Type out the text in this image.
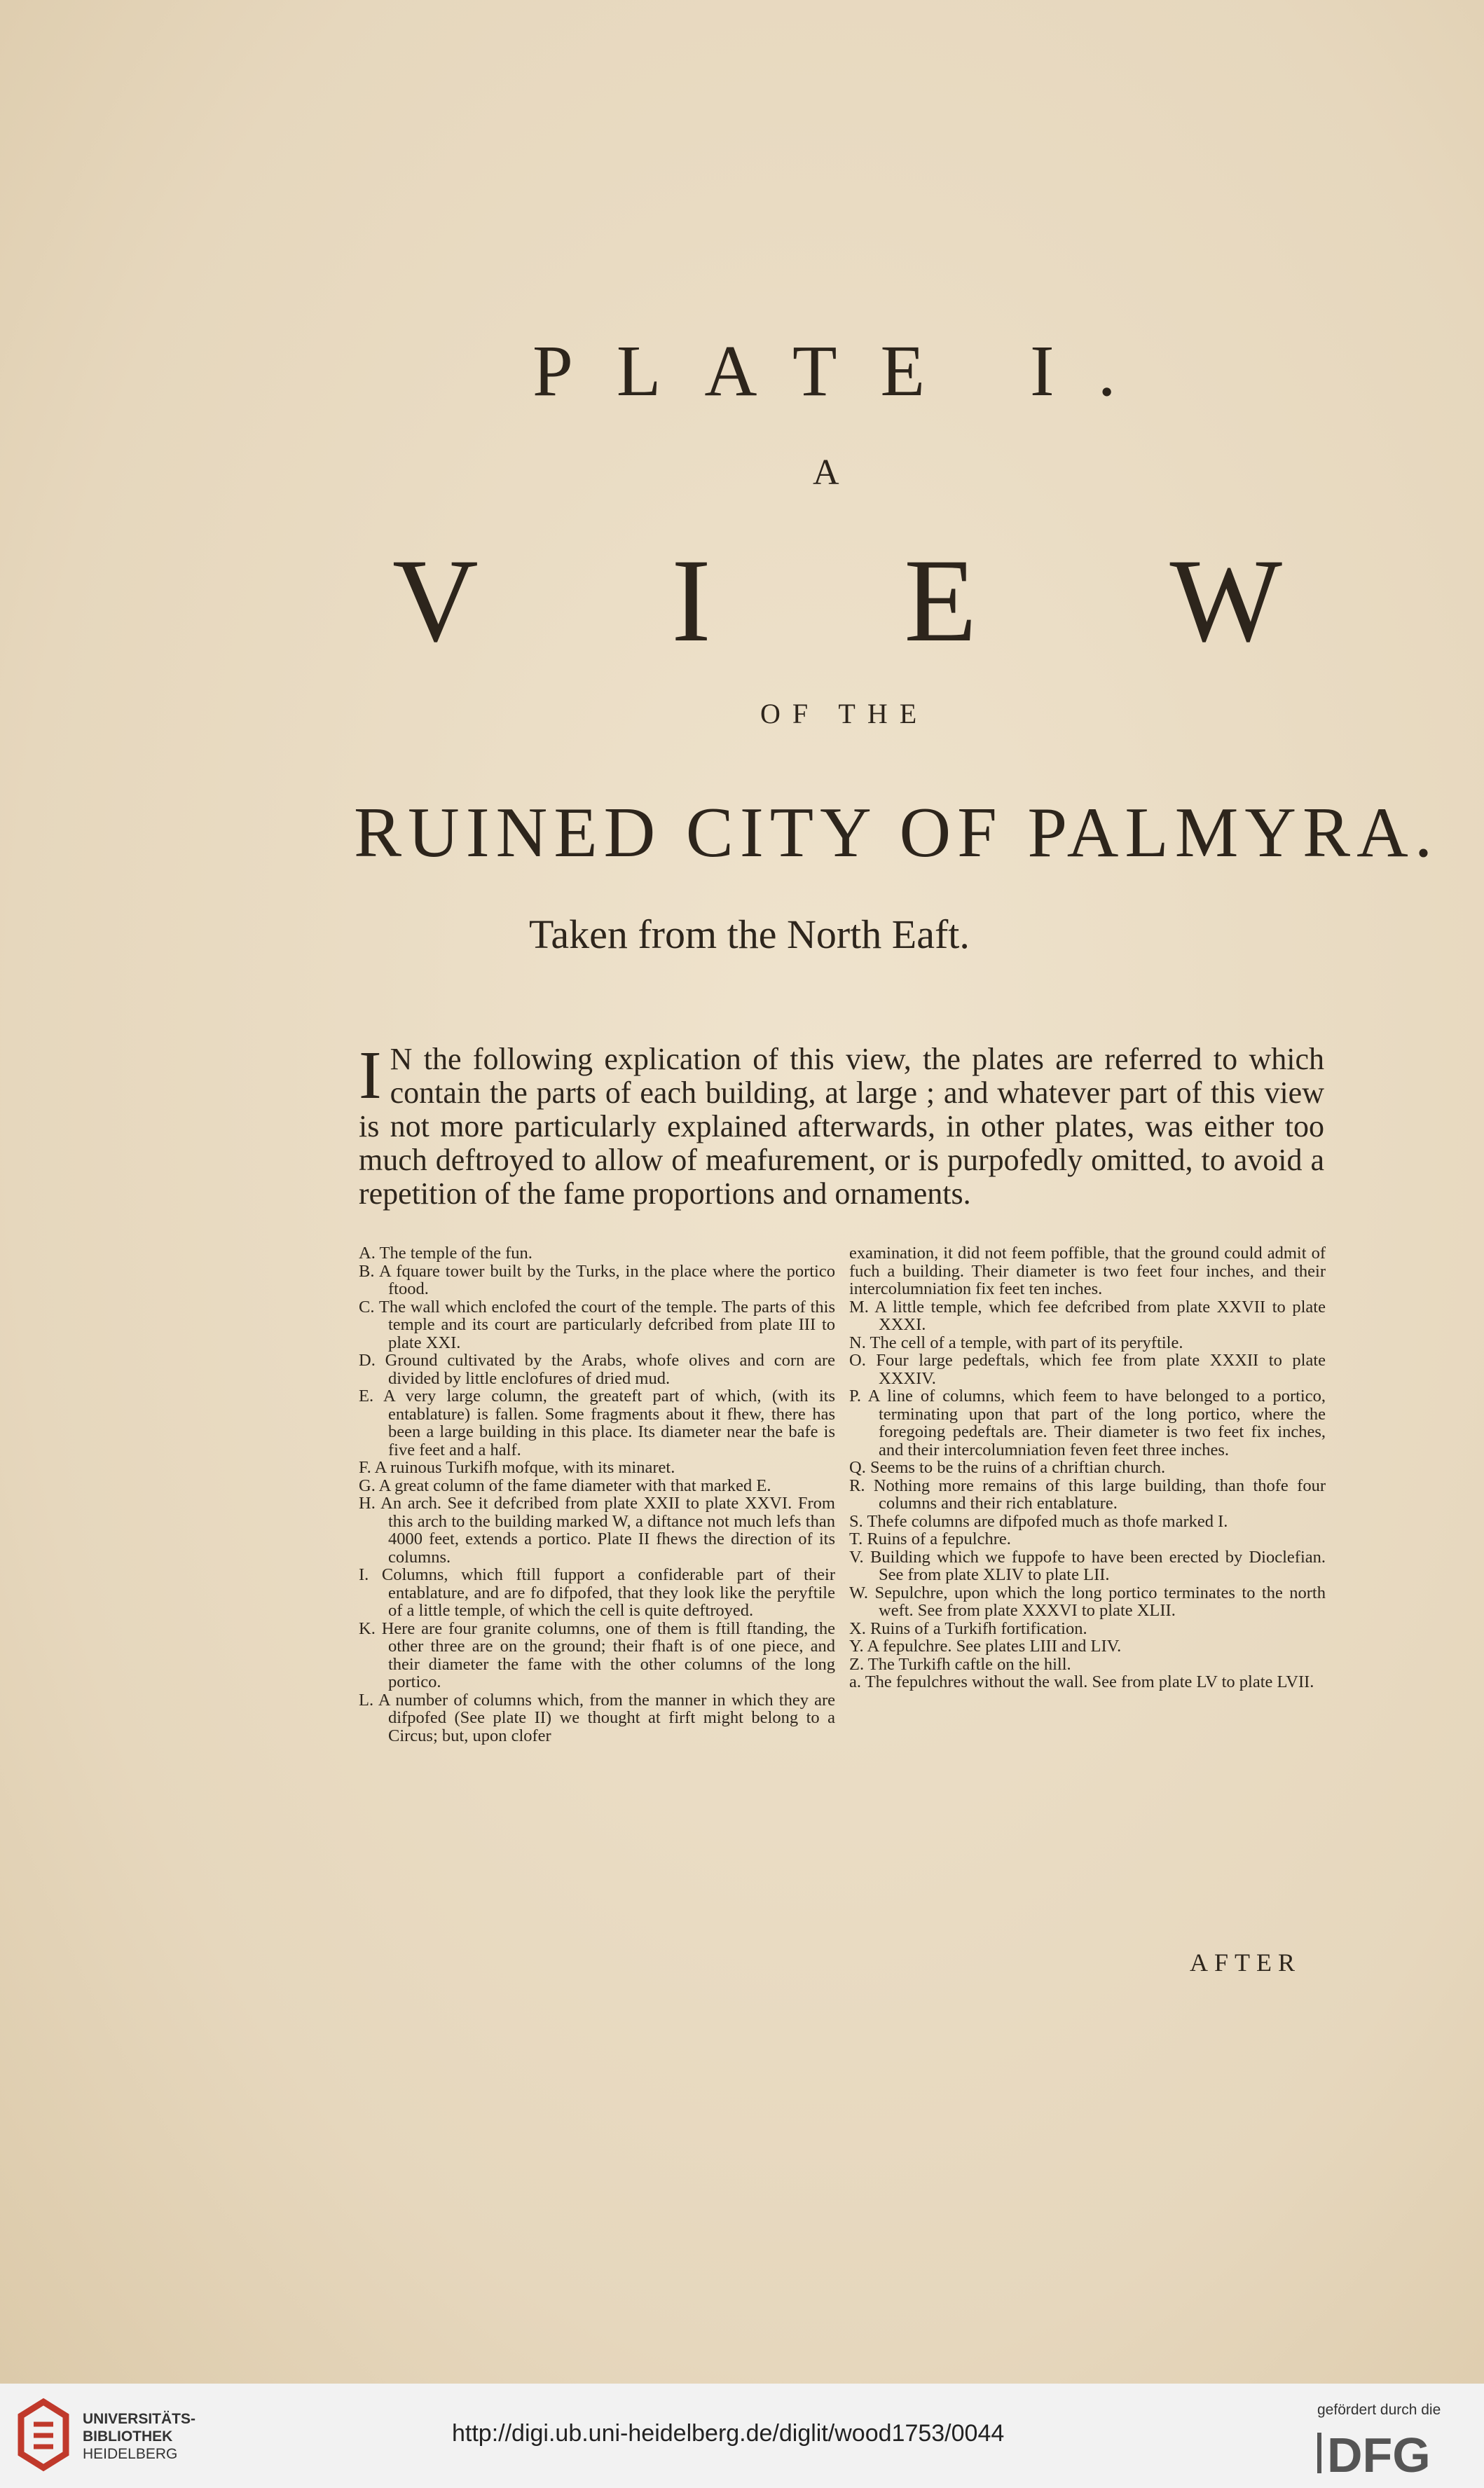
PLATE I.
A
V I E W
OF THE
RUINED CITY OF PALMYRA.
Taken from the North Eaft.
I N the following explication of this view, the plates are referred to which contain the parts of each building, at large ; and whatever part of this view is not more particularly explained afterwards, in other plates, was either too much deftroyed to allow of meafurement, or is purpofedly omitted, to avoid a repetition of the fame proportions and ornaments.
A. The temple of the fun.
B. A fquare tower built by the Turks, in the place where the portico ftood.
C. The wall which enclofed the court of the temple. The parts of this temple and its court are particularly defcribed from plate III to plate XXI.
D. Ground cultivated by the Arabs, whofe olives and corn are divided by little enclofures of dried mud.
E. A very large column, the greateft part of which, (with its entablature) is fallen. Some fragments about it fhew, there has been a large building in this place. Its diameter near the bafe is five feet and a half.
F. A ruinous Turkifh mofque, with its minaret.
G. A great column of the fame diameter with that marked E.
H. An arch. See it defcribed from plate XXII to plate XXVI. From this arch to the building marked W, a diftance not much lefs than 4000 feet, extends a portico. Plate II fhews the direction of its columns.
I. Columns, which ftill fupport a confiderable part of their entablature, and are fo difpofed, that they look like the peryftile of a little temple, of which the cell is quite deftroyed.
K. Here are four granite columns, one of them is ftill ftanding, the other three are on the ground; their fhaft is of one piece, and their diameter the fame with the other columns of the long portico.
L. A number of columns which, from the manner in which they are difpofed (See plate II) we thought at firft might belong to a Circus; but, upon clofer
examination, it did not feem poffible, that the ground could admit of fuch a building. Their diameter is two feet four inches, and their intercolumniation fix feet ten inches.
M. A little temple, which fee defcribed from plate XXVII to plate XXXI.
N. The cell of a temple, with part of its peryftile.
O. Four large pedeftals, which fee from plate XXXII to plate XXXIV.
P. A line of columns, which feem to have belonged to a portico, terminating upon that part of the long portico, where the foregoing pedeftals are. Their diameter is two feet fix inches, and their intercolumniation feven feet three inches.
Q. Seems to be the ruins of a chriftian church.
R. Nothing more remains of this large building, than thofe four columns and their rich entablature.
S. Thefe columns are difpofed much as thofe marked I.
T. Ruins of a fepulchre.
V. Building which we fuppofe to have been erected by Dioclefian. See from plate XLIV to plate LII.
W. Sepulchre, upon which the long portico terminates to the north weft. See from plate XXXVI to plate XLII.
X. Ruins of a Turkifh fortification.
Y. A fepulchre. See plates LIII and LIV.
Z. The Turkifh caftle on the hill.
a. The fepulchres without the wall. See from plate LV to plate LVII.
AFTER
UNIVERSITÄTS-
BIBLIOTHEK
HEIDELBERG
http://digi.ub.uni-heidelberg.de/diglit/wood1753/0044
gefördert durch die
DFG
